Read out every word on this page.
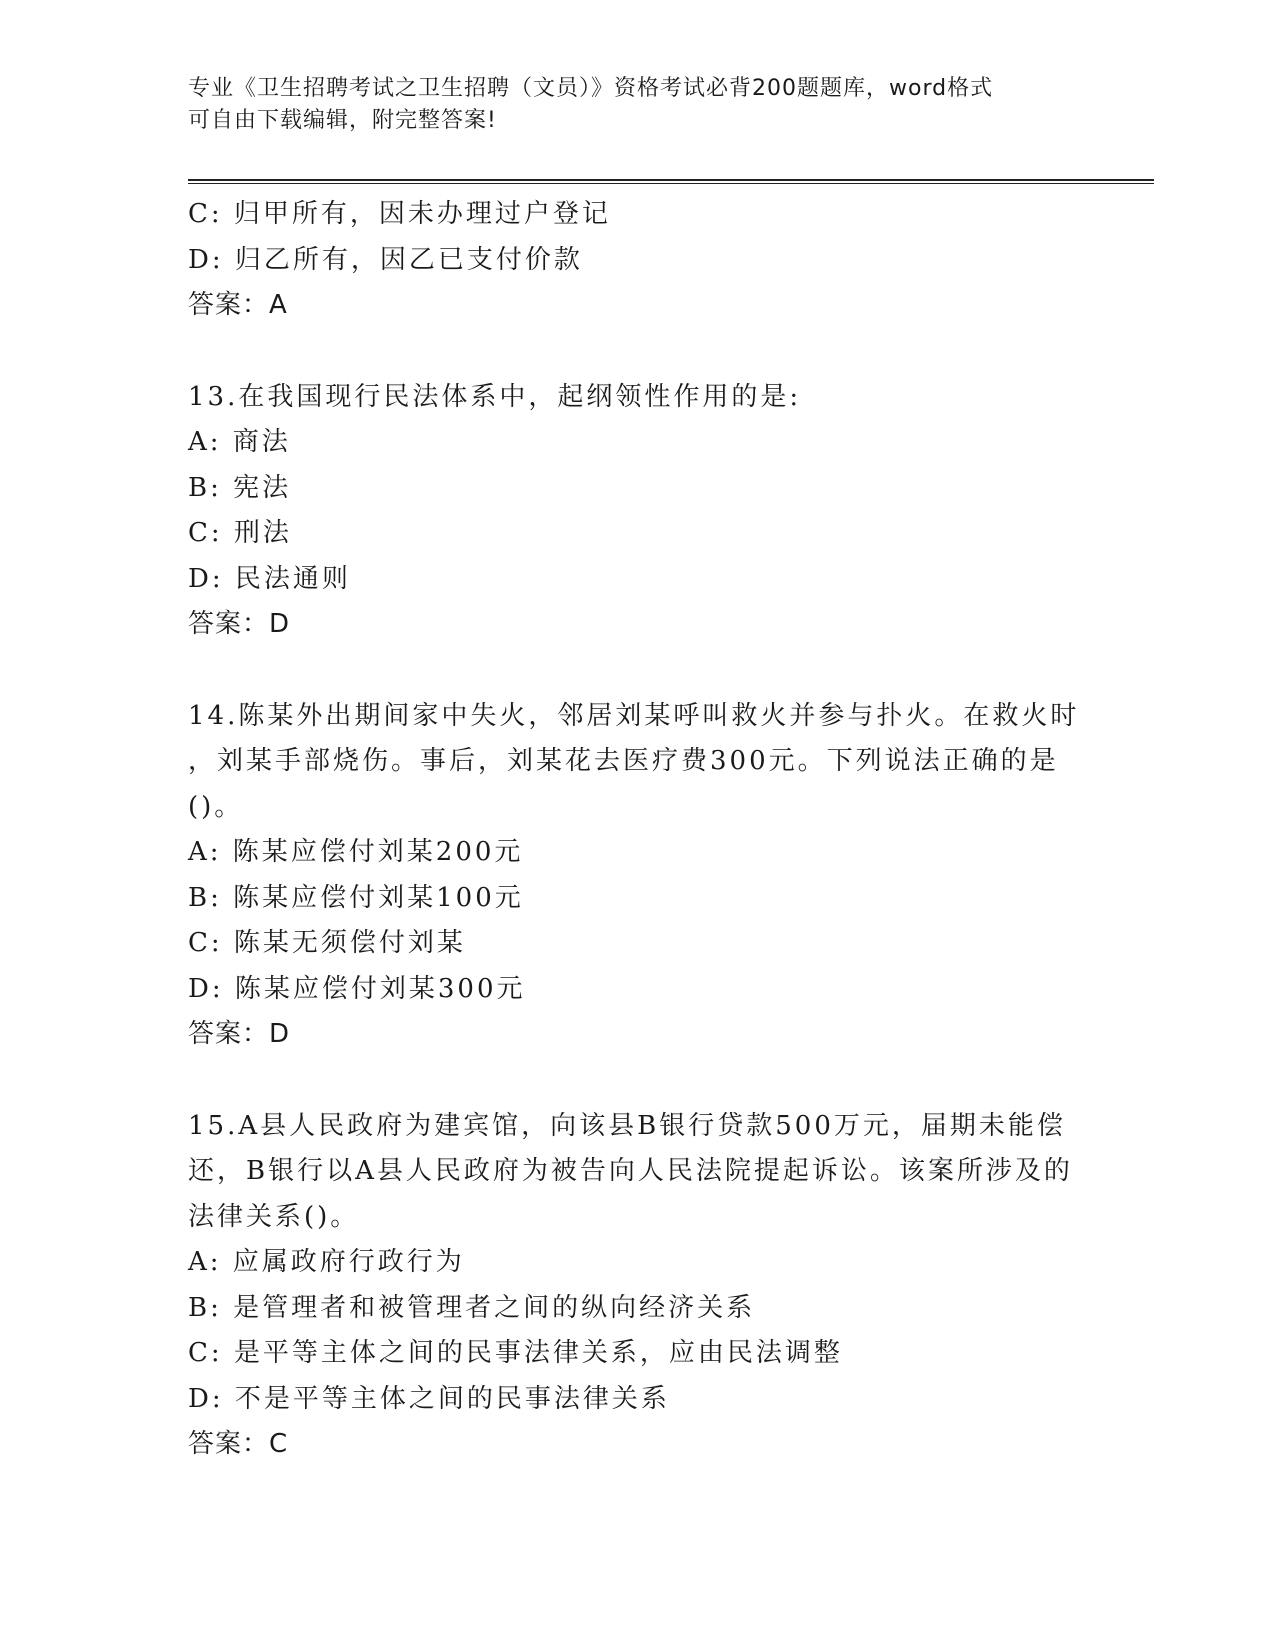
专业《卫生招聘考试之卫生招聘（文员）》资格考试必背200题题库，word格式
可自由下载编辑，附完整答案!
C: 归甲所有，因未办理过户登记
D: 归乙所有，因乙已支付价款
答案：A
13.在我国现行民法体系中，起纲领性作用的是:
A: 商法
B: 宪法
C: 刑法
D: 民法通则
答案：D
14.陈某外出期间家中失火，邻居刘某呼叫救火并参与扑火。在救火时
，刘某手部烧伤。事后，刘某花去医疗费300元。下列说法正确的是
()。
A: 陈某应偿付刘某200元
B: 陈某应偿付刘某100元
C: 陈某无须偿付刘某
D: 陈某应偿付刘某300元
答案：D
15.A县人民政府为建宾馆，向该县B银行贷款500万元，届期未能偿
还，B银行以A县人民政府为被告向人民法院提起诉讼。该案所涉及的
法律关系()。
A: 应属政府行政行为
B: 是管理者和被管理者之间的纵向经济关系
C: 是平等主体之间的民事法律关系，应由民法调整
D: 不是平等主体之间的民事法律关系
答案：C
